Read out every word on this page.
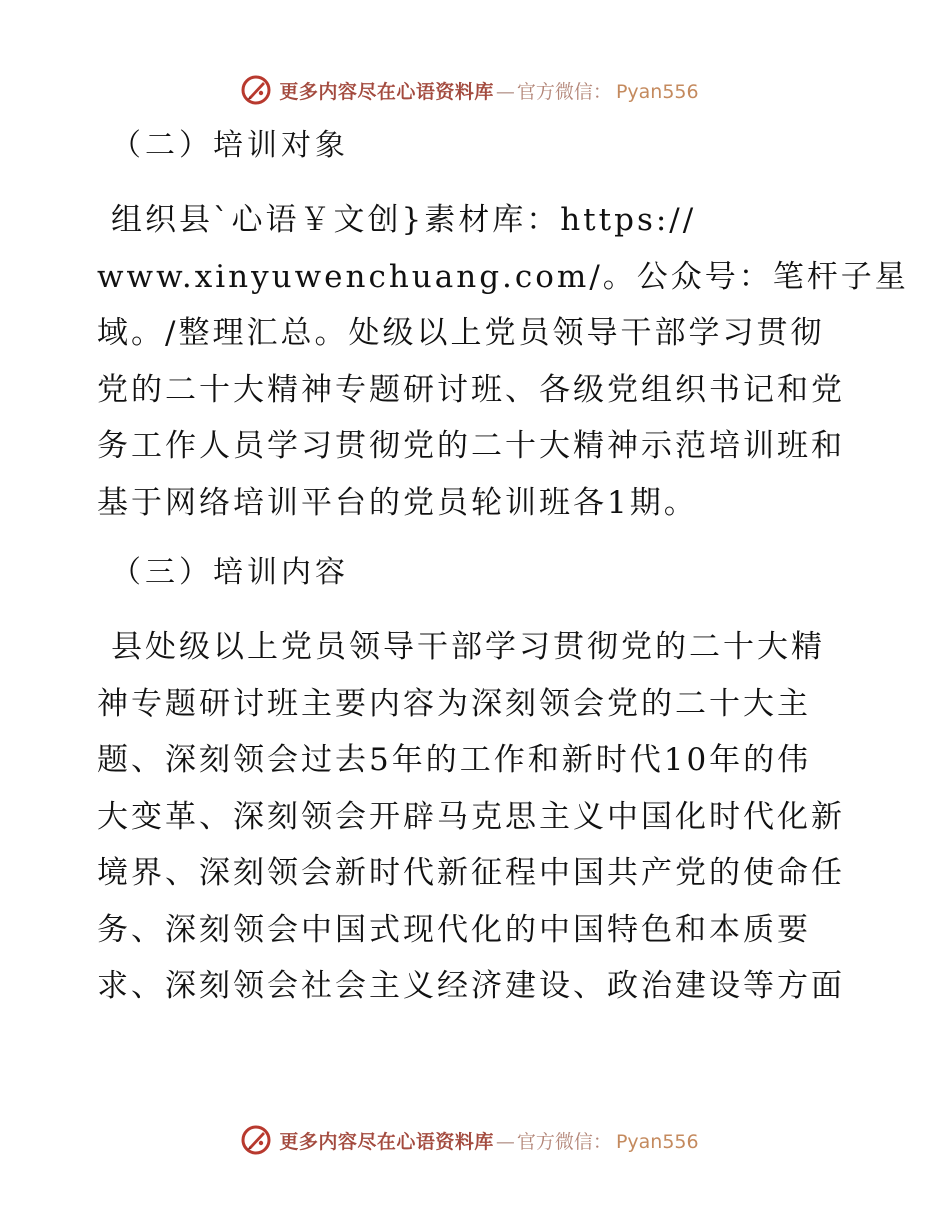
更多内容尽在心语资料库 — 官方微信： Pyan556
（二）培训对象

组织县`心语￥文创}素材库：https://
www.xinyuwenchuang.com/。公众号：笔杆子星
域。/整理汇总。处级以上党员领导干部学习贯彻
党的二十大精神专题研讨班、各级党组织书记和党
务工作人员学习贯彻党的二十大精神示范培训班和
基于网络培训平台的党员轮训班各1期。

（三）培训内容

县处级以上党员领导干部学习贯彻党的二十大精
神专题研讨班主要内容为深刻领会党的二十大主
题、深刻领会过去5年的工作和新时代10年的伟
大变革、深刻领会开辟马克思主义中国化时代化新
境界、深刻领会新时代新征程中国共产党的使命任
务、深刻领会中国式现代化的中国特色和本质要
求、深刻领会社会主义经济建设、政治建设等方面

更多内容尽在心语资料库 — 官方微信： Pyan556
